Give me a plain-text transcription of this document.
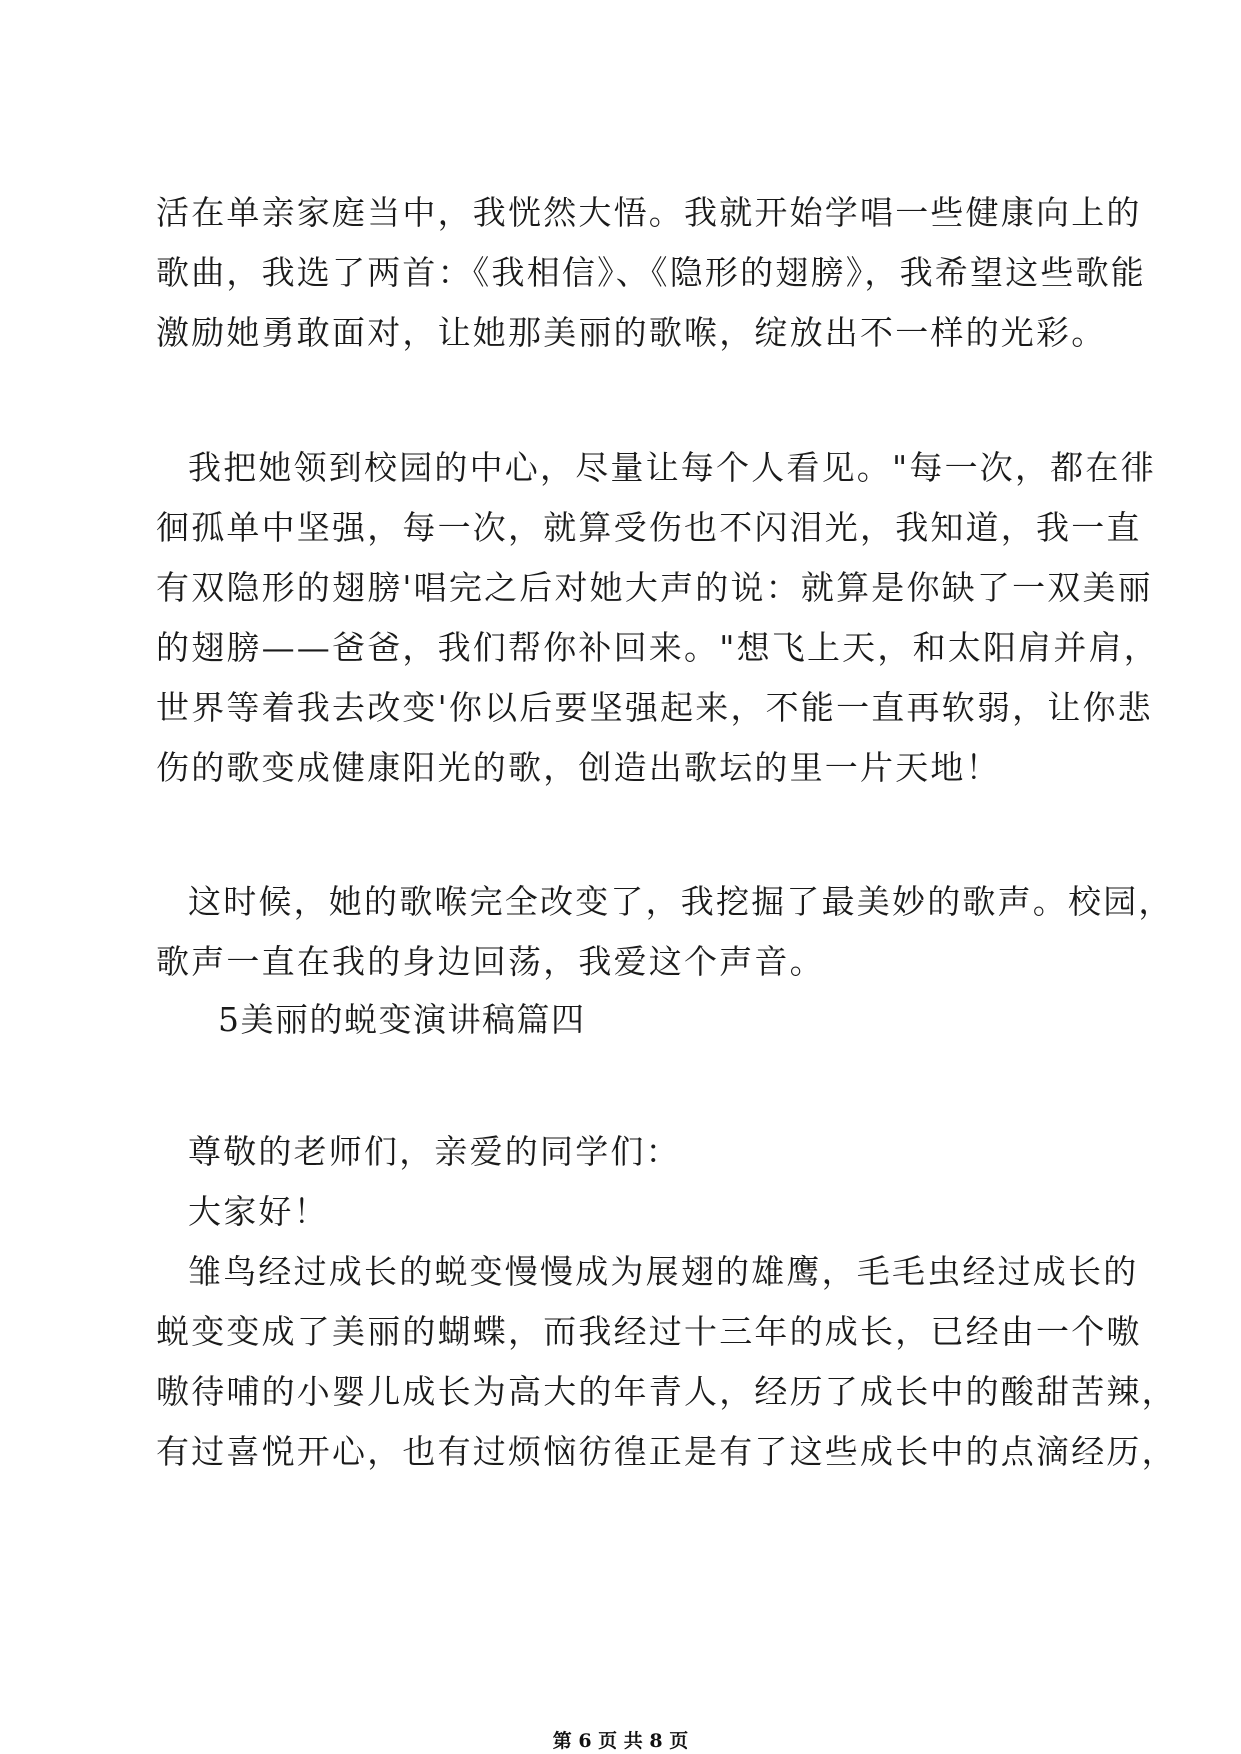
活在单亲家庭当中，我恍然大悟。我就开始学唱一些健康向上的
歌曲，我选了两首：《我相信》、《隐形的翅膀》，我希望这些歌能
激励她勇敢面对，让她那美丽的歌喉，绽放出不一样的光彩。
我把她领到校园的中心，尽量让每个人看见。"每一次，都在徘
徊孤单中坚强，每一次，就算受伤也不闪泪光，我知道，我一直
有双隐形的翅膀'唱完之后对她大声的说：就算是你缺了一双美丽
的翅膀——爸爸，我们帮你补回来。"想飞上天，和太阳肩并肩，
世界等着我去改变'你以后要坚强起来，不能一直再软弱，让你悲
伤的歌变成健康阳光的歌，创造出歌坛的里一片天地！
这时候，她的歌喉完全改变了，我挖掘了最美妙的歌声。校园，
歌声一直在我的身边回荡，我爱这个声音。
5美丽的蜕变演讲稿篇四
尊敬的老师们，亲爱的同学们：
大家好！
雏鸟经过成长的蜕变慢慢成为展翅的雄鹰，毛毛虫经过成长的
蜕变变成了美丽的蝴蝶，而我经过十三年的成长，已经由一个嗷
嗷待哺的小婴儿成长为高大的年青人，经历了成长中的酸甜苦辣，
有过喜悦开心，也有过烦恼彷徨正是有了这些成长中的点滴经历，
第 6 页 共 8 页
